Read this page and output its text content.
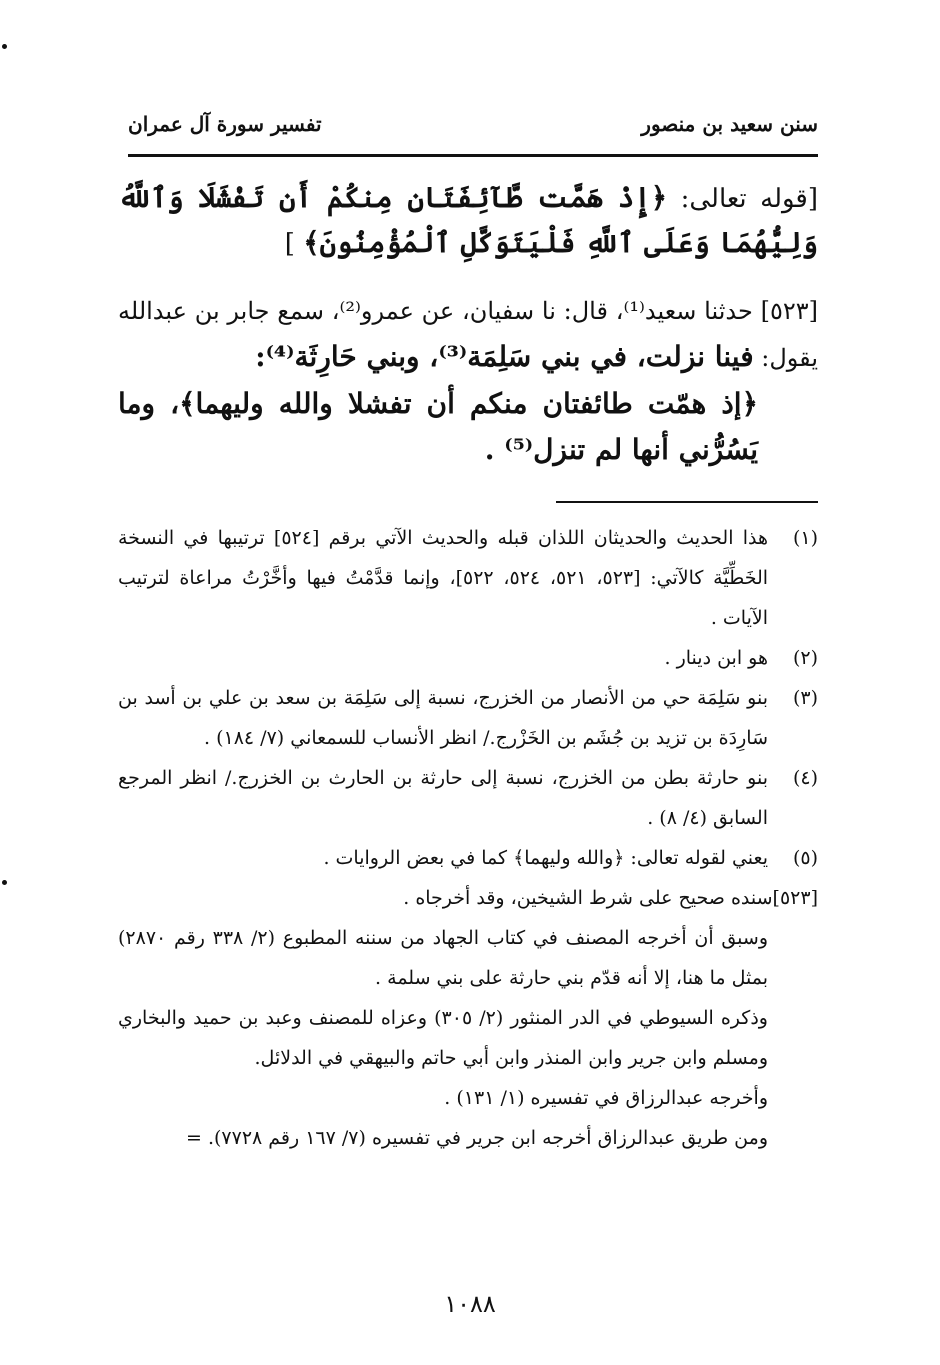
سنن سعيد بن منصور
تفسير سورة آل عمران
[قوله تعالى: ﴿إِذْ هَمَّت طَّآئِفَتَانِ مِنكُمْ أَن تَفْشَلَا وَٱللَّهُ وَلِيُّهُمَا وَعَلَى ٱللَّهِ فَلْيَتَوَكَّلِ ٱلْمُؤْمِنُونَ﴾ ]
[٥٢٣] حدثنا سعيد⁽¹⁾، قال: نا سفيان، عن عمرو⁽²⁾، سمع جابر بن عبدالله يقول: فينا نزلت، في بني سَلِمَة⁽³⁾، وبني حَارِثَة⁽⁴⁾:
﴿إذ همّت طائفتان منكم أن تفشلا والله وليهما﴾، وما يَسُرُّني أنها لم تنزل⁽⁵⁾ .

(١)
هذا الحديث والحديثان اللذان قبله والحديث الآتي برقم [٥٢٤] ترتيبها في النسخة الخَطِّيَّة كالآتي: [٥٢٣، ٥٢١، ٥٢٤، ٥٢٢]، وإنما قدَّمْتُ فيها وأخَّرْتُ مراعاة لترتيب الآيات .

(٢)
هو ابن دينار .

(٣)
بنو سَلِمَة حي من الأنصار من الخزرج، نسبة إلى سَلِمَة بن سعد بن علي بن أسد بن سَارِدَة بن تزيد بن جُشَم بن الخَزْرج./ انظر الأنساب للسمعاني (٧/ ١٨٤) .

(٤)
بنو حارثة بطن من الخزرج، نسبة إلى حارثة بن الحارث بن الخزرج./ انظر المرجع السابق (٤/ ٨) .

(٥)
يعني لقوله تعالى: ﴿والله وليهما﴾ كما في بعض الروايات .

[٥٢٣]سنده صحيح على شرط الشيخين، وقد أخرجاه .

وسبق أن أخرجه المصنف في كتاب الجهاد من سننه المطبوع (٢/ ٣٣٨ رقم ٢٨٧٠) بمثل ما هنا، إلا أنه قدّم بني حارثة على بني سلمة .

وذكره السيوطي في الدر المنثور (٢/ ٣٠٥) وعزاه للمصنف وعبد بن حميد والبخاري ومسلم وابن جرير وابن المنذر وابن أبي حاتم والبيهقي في الدلائل.

وأخرجه عبدالرزاق في تفسيره (١/ ١٣١) .

ومن طريق عبدالرزاق أخرجه ابن جرير في تفسيره (٧/ ١٦٧ رقم ٧٧٢٨). =

١٠٨٨
